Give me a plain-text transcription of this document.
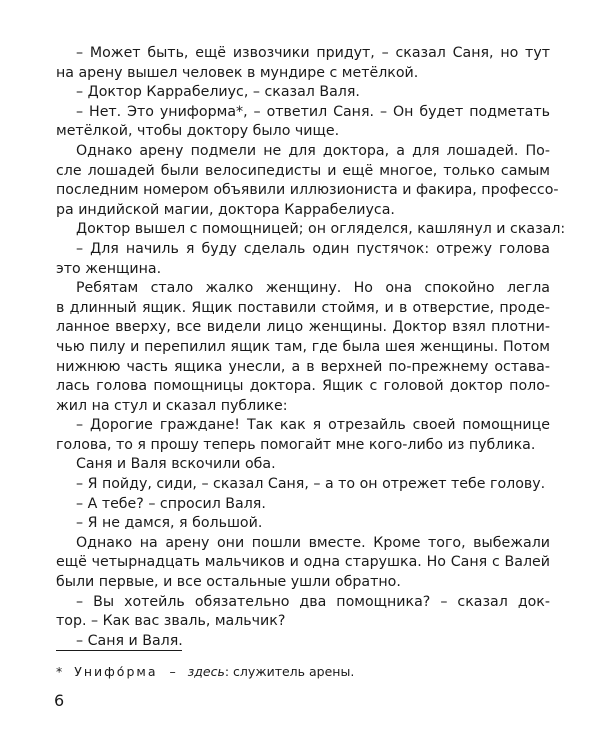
– Может быть, ещё извозчики придут, – сказал Саня, но тут
на арену вышел человек в мундире с метёлкой.
– Доктор Каррабелиус, – сказал Валя.
– Нет. Это униформа*, – ответил Саня. – Он будет подметать
метёлкой, чтобы доктору было чище.
Однако арену подмели не для доктора, а для лошадей. По-
сле лошадей были велосипедисты и ещё многое, только самым
последним номером объявили иллюзиониста и факира, профессо-
ра индийской магии, доктора Каррабелиуса.
Доктор вышел с помощницей; он огляделся, кашлянул и сказал:
– Для начиль я буду сделаль один пустячок: отрежу голова
это женщина.
Ребятам стало жалко женщину. Но она спокойно легла
в длинный ящик. Ящик поставили стоймя, и в отверстие, проде-
ланное вверху, все видели лицо женщины. Доктор взял плотни-
чью пилу и перепилил ящик там, где была шея женщины. Потом
нижнюю часть ящика унесли, а в верхней по-прежнему остава-
лась голова помощницы доктора. Ящик с головой доктор поло-
жил на стул и сказал публике:
– Дорогие граждане! Так как я отрезайль своей помощнице
голова, то я прошу теперь помогайт мне кого-либо из публика.
Саня и Валя вскочили оба.
– Я пойду, сиди, – сказал Саня, – а то он отрежет тебе голову.
– А тебе? – спросил Валя.
– Я не дамся, я большой.
Однако на арену они пошли вместе. Кроме того, выбежали
ещё четырнадцать мальчиков и одна старушка. Но Саня с Валей
были первые, и все остальные ушли обратно.
– Вы хотейль обязательно два помощника? – сказал док-
тор. – Как вас зваль, мальчик?
– Саня и Валя.
* Унифо́рма – здесь: служитель арены.
6
